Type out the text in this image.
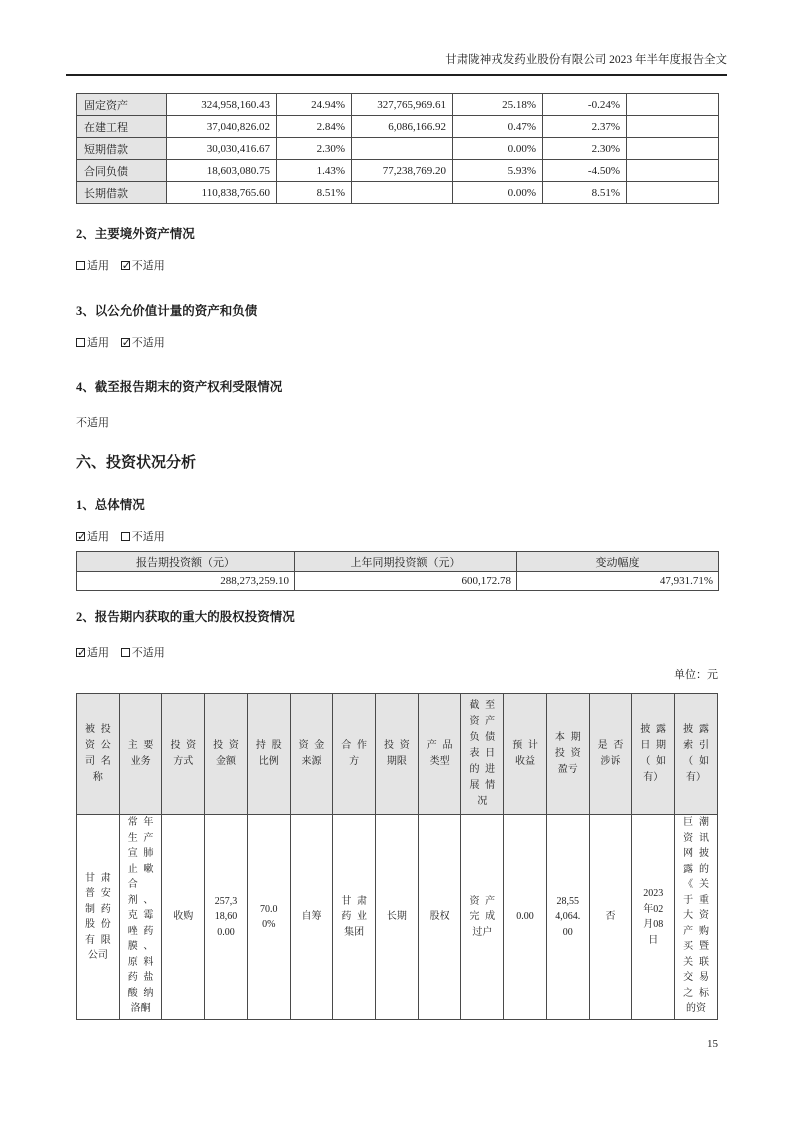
甘肃陇神戎发药业股份有限公司 2023 年半年度报告全文
固定资产	324,958,160.43	24.94%	327,765,969.61	25.18%	-0.24%	
在建工程	37,040,826.02	2.84%	6,086,166.92	0.47%	2.37%	
短期借款	30,030,416.67	2.30%		0.00%	2.30%	
合同负债	18,603,080.75	1.43%	77,238,769.20	5.93%	-4.50%	
长期借款	110,838,765.60	8.51%		0.00%	8.51%	
2、主要境外资产情况

适用 ✓ 不适用

3、以公允价值计量的资产和负债

适用 ✓ 不适用

4、截至报告期末的资产权利受限情况

不适用

六、投资状况分析
1、总体情况

✓适用 不适用

报告期投资额（元）	上年同期投资额（元）	变动幅度
288,273,259.10	600,172.78	47,931.71%
2、报告期内获取的重大的股权投资情况

✓适用 不适用

单位：元

被投资公司名称	主要业务	投资方式	投资金额	持股比例	资金来源	合作方	投资期限	产品类型	截至资产负债表日的进展情况	预计收益	本期投资盈亏	是否涉诉	披露日期（如有）	披露索引（如有）
甘肃普安制药股份有限公司	常年生产宣肺止嗽合剂、克霉唑药膜、原料药盐酸纳洛酮	收购	257,318,600.00	70.00%	自筹	甘肃药业集团	长期	股权	资产完成过户	0.00	28,554,064.00	否	2023年02月08日	巨潮资讯网披露的《关于重大资产购买暨关联交易之标的资
15
